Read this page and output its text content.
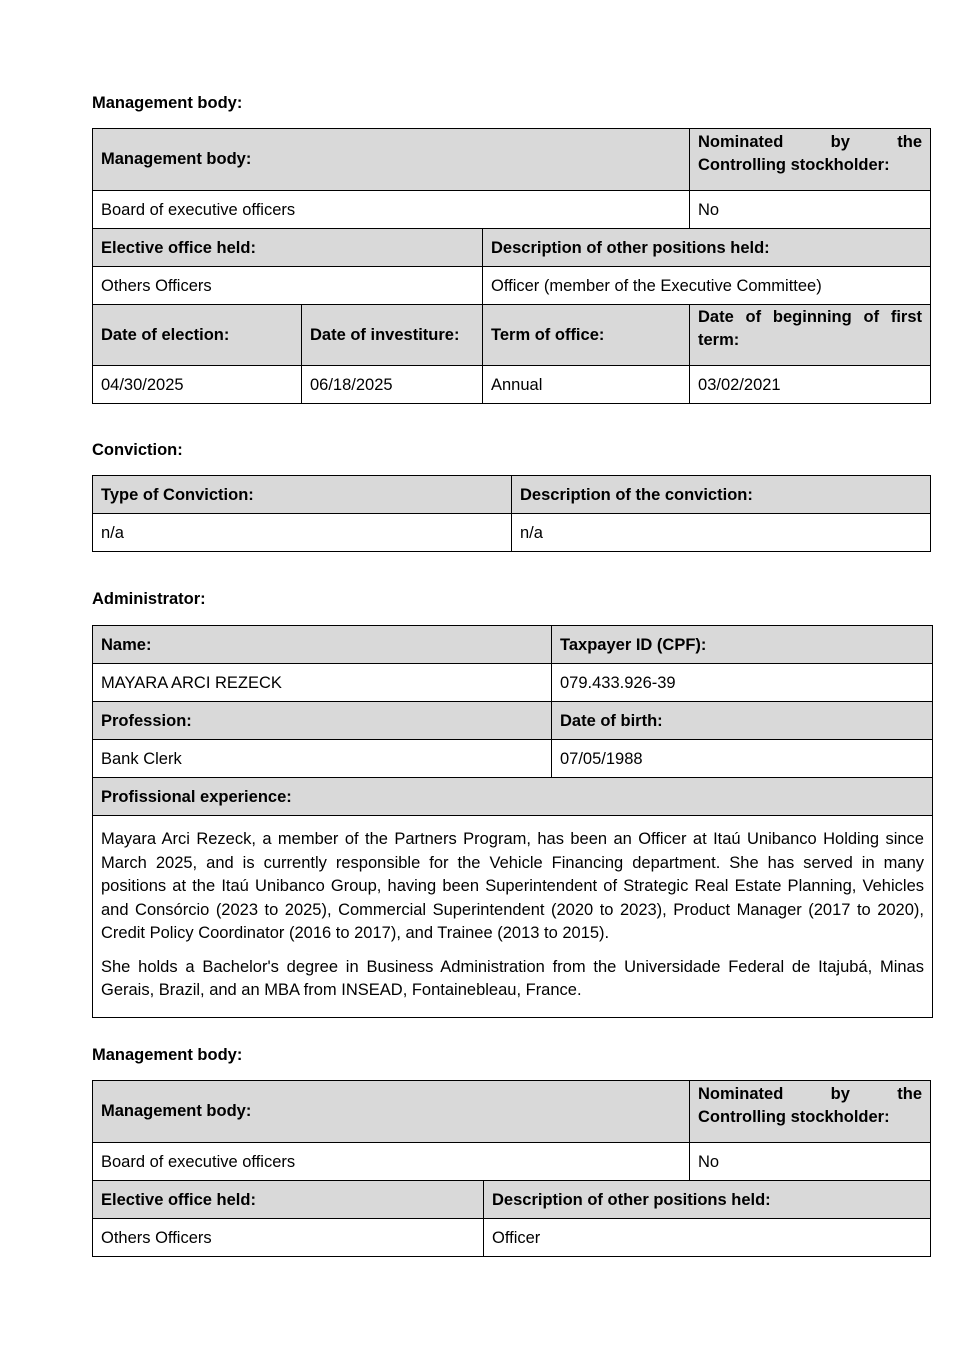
Management body:

Management body:			Nominated by the
Controlling stockholder:

Board of executive officers			No
Elective office held:		Description of other positions held:	
Others Officers		Officer (member of the Executive Committee)	
Date of election:	Date of investiture:	Term of office:	Date of beginning of first
term:

04/30/2025	06/18/2025	Annual	03/02/2021

Conviction:

Type of Conviction:	Description of the conviction:
n/a	n/a

Administrator:

Name:	Taxpayer ID (CPF):
MAYARA ARCI REZECK	079.433.926-39
Profession:	Date of birth:
Bank Clerk	07/05/1988
Profissional experience:	

Mayara Arci Rezeck, a member of the Partners Program, has been an Officer at Itaú Unibanco Holding since March 2025, and is currently responsible for the Vehicle Financing department. She has served in many positions at the Itaú Unibanco Group, having been Superintendent of Strategic Real Estate Planning, Vehicles and Consórcio (2023 to 2025), Commercial Superintendent (2020 to 2023), Product Manager (2017 to 2020), Credit Policy Coordinator (2016 to 2017), and Trainee (2013 to 2015).

She holds a Bachelor's degree in Business Administration from the Universidade Federal de Itajubá, Minas Gerais, Brazil, and an MBA from INSEAD, Fontainebleau, France.	

Management body:

Management body:		Nominated by the
Controlling stockholder:

Board of executive officers		No
Elective office held:	Description of other positions held:	
Others Officers	Officer	
